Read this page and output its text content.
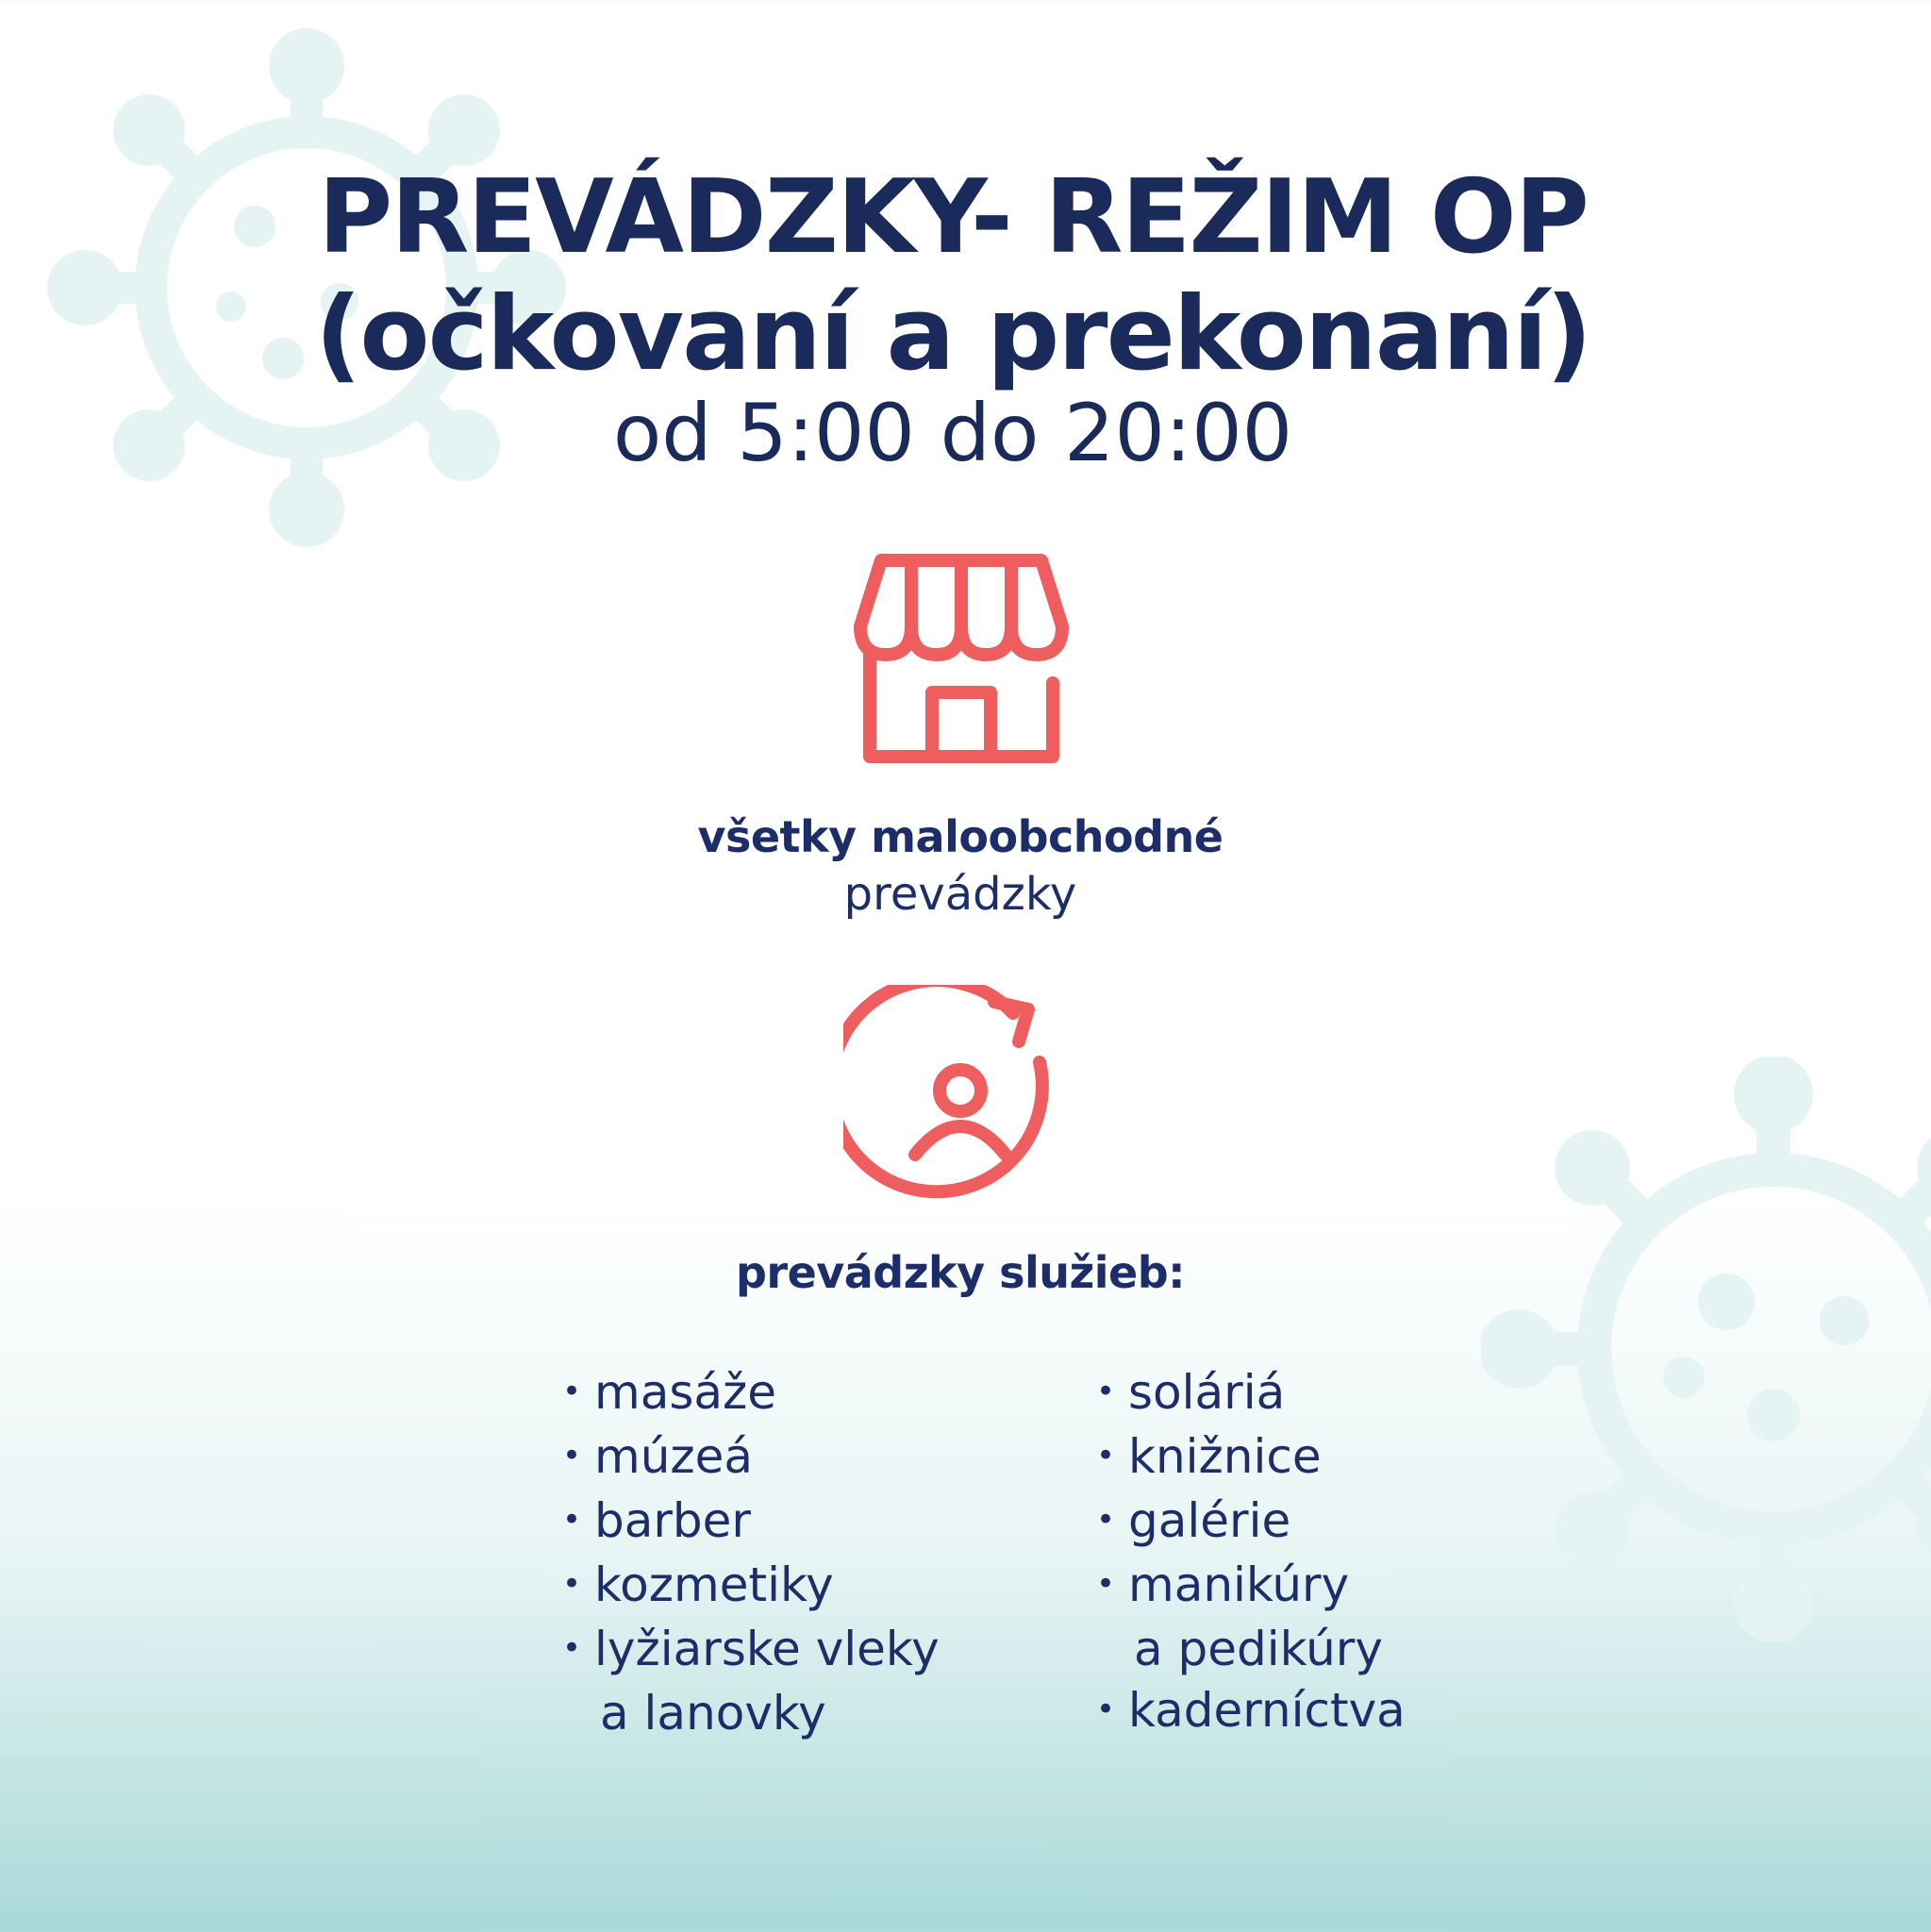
PREVÁDZKY- REŽIM OP
(očkovaní a prekonaní)
od 5:00 do 20:00
všetky maloobchodné
prevádzky
prevádzky služieb:
• masáže
• múzeá
• barber
• kozmetiky
• lyžiarske vleky
a lanovky
• soláriá
• knižnice
• galérie
• manikúry
a pedikúry
• kaderníctva
